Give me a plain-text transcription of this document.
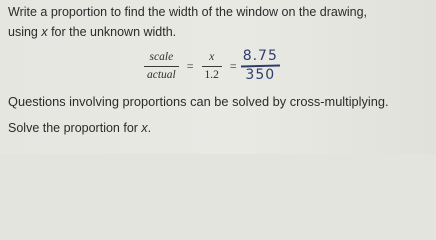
Write a proportion to find the width of the window on the drawing,

using x for the unknown width.

$\frac{\text{scale}}{\text{actual}} = \frac{x}{1.2} = \frac{8.75}{350}$

Questions involving proportions can be solved by cross-multiplying.

Solve the proportion for x.
